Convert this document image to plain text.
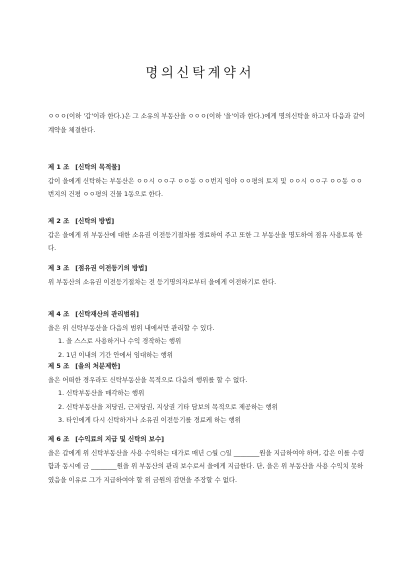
명의신탁계약서
ㅇㅇㅇ(이하 '갑'이라 한다.)은 그 소유의 부동산을 ㅇㅇㅇ(이하 '을'이라 한다.)에게 명의신탁을 하고자 다음과 같이 계약을 체결한다.
제 1 조 [신탁의 목적물]
갑이 을에게 신탁하는 부동산은 ㅇㅇ시 ㅇㅇ구 ㅇㅇ동 ㅇㅇ번지 임야 ㅇㅇ평의 토지 및 ㅇㅇ시 ㅇㅇ구 ㅇㅇ동 ㅇㅇ번지의 건평 ㅇㅇ평의 건물 1동으로 한다.
제 2 조 [신탁의 방법]
갑은 을에게 위 부동산에 대한 소유권 이전등기절차를 경료하여 주고 또한 그 부동산을 명도하여 점유 사용토록 한다.
제 3 조 [점유권 이전등기의 방법]
위 부동산의 소유권 이전등기절차는 전 등기명의자로부터 을에게 이전하기로 한다.
제 4 조 [신탁재산의 관리범위]
을은 위 신탁부동산을 다음의 범위 내에서만 관리할 수 있다.
1. 을 스스로 사용하거나 수익 경작하는 행위
2. 1년 이내의 기간 안에서 임대하는 행위
제 5 조 [을의 처분제한]
을은 어떠한 경우라도 신탁부동산을 목적으로 다음의 행위를 할 수 없다.
1. 신탁부동산을 매각하는 행위
2. 신탁부동산을 저당권, 근저당권, 지상권 기타 담보의 목적으로 제공하는 행위
3. 타인에게 다시 신탁하거나 소유권 이전등기를 경료케 하는 행위
제 6 조 [수익료의 지급 및 신탁의 보수]
을은 갑에게 위 신탁부동산을 사용 수익하는 대가로 매년 ○월 ○일 ________원을 지급하여야 하며, 갑은 이를 수령함과 동시에 금 ________원을 위 부동산의 관리 보수로서 을에게 지급한다. 단, 을은 위 부동산을 사용 수익치 못하였음을 이유로 그가 지급하여야 할 위 금원의 감면을 주장할 수 없다.
